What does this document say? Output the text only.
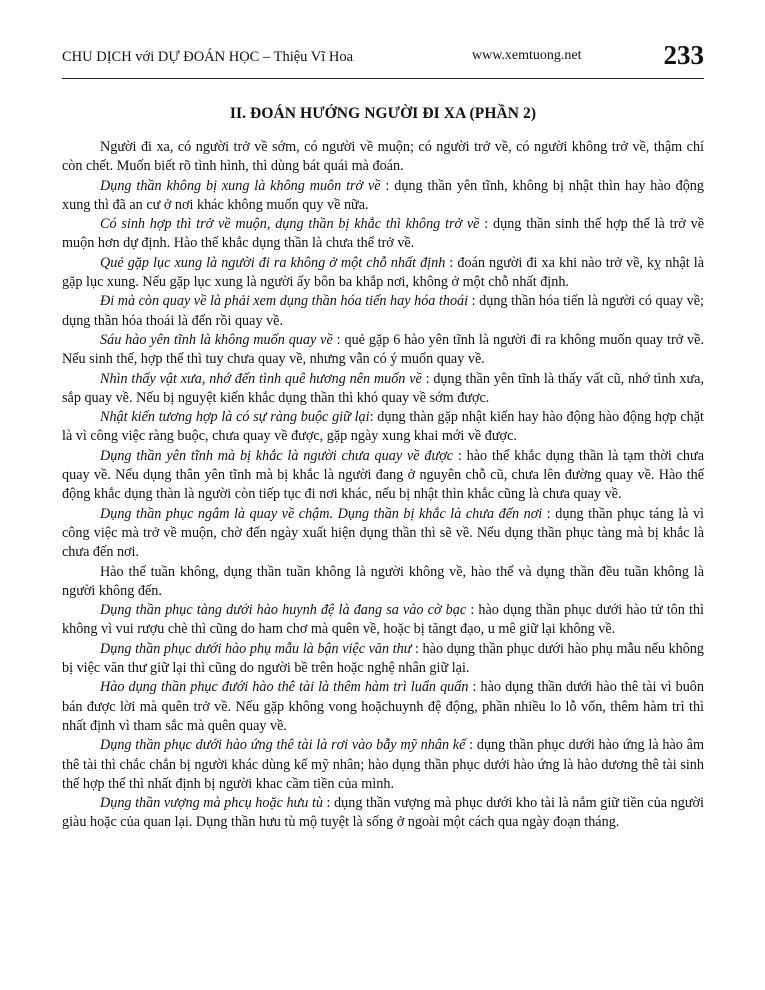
CHU DỊCH với DỰ ĐOÁN HỌC – Thiệu Vĩ Hoa	www.xemtuong.net	233
II. ĐOÁN HƯỚNG NGƯỜI ĐI XA (PHẦN 2)

Người đi xa, có người trở về sớm, có người về muộn; có người trở về, có người không trở về, thậm chí còn chết. Muốn biết rõ tình hình, thì dùng bát quái mà đoán.

Dụng thần không bị xung là không muôn trở về : dụng thần yên tĩnh, không bị nhật thìn hay hào động xung thì đã an cư ở nơi khác không muốn quy về nữa.

Có sinh hợp thì trở về muộn, dụng thần bị khắc thì không trở về : dụng thần sinh thế hợp thế là trở về muộn hơn dự định. Hào thế khắc dụng thần là chưa thể trở về.

Quẻ gặp lục xung là người đi ra không ở một chỗ nhất định : đoán người đi xa khi nào trở về, kỵ nhật là gặp lục xung. Nếu gặp lục xung là người ấy bôn ba khắp nơi, không ở một chỗ nhất định.

Đi mà còn quay về là phải xem dụng thần hóa tiến hay hóa thoái : dụng thần hóa tiến là người có quay về; dụng thần hóa thoái là đến rồi quay về.

Sáu hào yên tĩnh là không muốn quay về : quẻ gặp 6 hào yên tĩnh là người đi ra không muốn quay trở về. Nếu sinh thế, hợp thế thì tuy chưa quay về, nhưng vẫn có ý muốn quay về.

Nhìn thấy vật xưa, nhớ đến tình quê hương nên muốn về : dụng thần yên tĩnh là thấy vất cũ, nhớ tình xưa, sắp quay về. Nếu bị nguyệt kiến khắc dụng thần thì khó quay về sớm được.

Nhật kiến tương hợp là có sự ràng buộc giữ lại: dụng thàn gặp nhật kiến hay hào động hào động hợp chặt là vì công việc ràng buộc, chưa quay về được, gặp ngày xung khai mới về được.

Dụng thần yên tĩnh mà bị khắc là người chưa quay về được : hào thế khắc dụng thần là tạm thời chưa quay về. Nếu dụng thân yên tĩnh mà bị khắc là người đang ở nguyên chỗ cũ, chưa lên đường quay về. Hào thế động khắc dụng thàn là người còn tiếp tục đi nơi khác, nếu bị nhật thìn khắc cũng là chưa quay về.

Dụng thần phục ngâm là quay về chậm. Dụng thần bị khắc là chưa đến nơi : dụng thần phục táng là vì công việc mà trở về muộn, chờ đến ngày xuất hiện dụng thần thì sẽ về. Nếu dụng thần phục tàng mà bị khắc là chưa đến nơi.

Hào thế tuần không, dụng thần tuần không là người không về, hào thế và dụng thần đều tuần không là người không đến.

Dụng thần phục tàng dưới hào huynh đệ là đang sa vào cờ bạc : hào dụng thần phục dưới hào tử tôn thì không vì vui rượu chè thì cũng do ham chơ mà quên về, hoặc bị tăngt đạo, u mê giữ lại không về.

Dụng thần phục dưới hào phụ mẫu là bận việc văn thư : hào dụng thần phục dưới hào phụ mẫu nếu không bị việc văn thư giữ lại thì cũng do người bề trên hoặc nghệ nhân giữ lại.

Hào dụng thần phục đưới hào thê tài là thêm hàm trì luẩn quẩn : hào dụng thần dưới hào thê tài vì buôn bán được lời mà quên trở về. Nếu gặp không vong hoặchuynh đệ động, phần nhiều lo lỗ vốn, thêm hàm trì thì nhất định vì tham sắc mà quên quay về.

Dụng thần phục dưới hào ứng thê tài là rơi vào bẫy mỹ nhân kế : dụng thần phục dưới hào ứng là hào âm thê tài thì chắc chắn bị người khác dùng kế mỹ nhân; hào dụng thần phục dưới hào ứng là hào dương thê tài sinh thế hợp thế thì nhất định bị người khac cầm tiền của mình.

Dụng thần vượng mà phcụ hoặc hưu tù : dụng thần vượng mà phục dưới kho tài là nắm giữ tiền của người giàu hoặc của quan lại. Dụng thần hưu tù mộ tuyệt là sống ở ngoài một cách qua ngày đoạn tháng.
